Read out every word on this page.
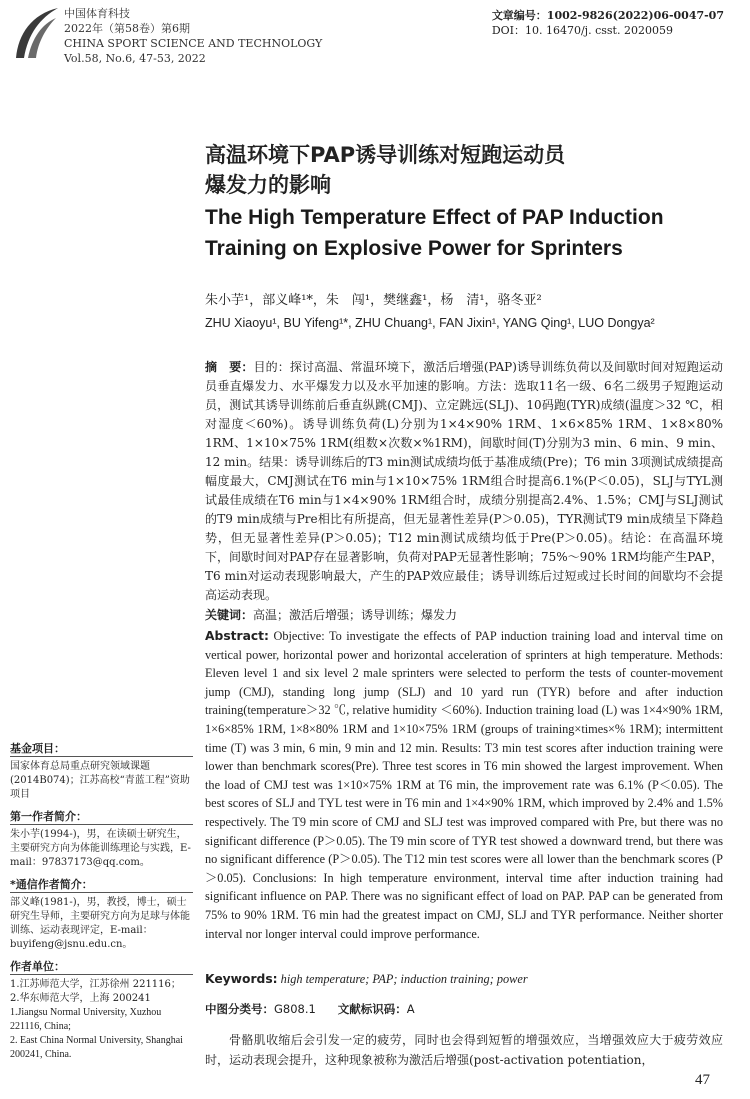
中国体育科技
2022年（第58卷）第6期
CHINA SPORT SCIENCE AND TECHNOLOGY
Vol.58, No.6, 47-53, 2022
文章编号：1002-9826(2022)06-0047-07
DOI：10. 16470/j. csst. 2020059
高温环境下PAP诱导训练对短跑运动员
爆发力的影响
The High Temperature Effect of PAP Induction
Training on Explosive Power for Sprinters
朱小芋¹，部义峰¹*，朱　闯¹，樊继鑫¹，杨　清¹，骆冬亚²
ZHU Xiaoyu¹, BU Yifeng¹*, ZHU Chuang¹, FAN Jixin¹, YANG Qing¹, LUO Dongya²
摘　要：目的：探讨高温、常温环境下，激活后增强(PAP)诱导训练负荷以及间歇时间对短跑运动员垂直爆发力、水平爆发力以及水平加速的影响。方法：选取11名一级、6名二级男子短跑运动员，测试其诱导训练前后垂直纵跳(CMJ)、立定跳远(SLJ)、10码跑(TYR)成绩(温度＞32 ℃，相对湿度＜60%)。诱导训练负荷(L)分别为1×4×90% 1RM、1×6×85% 1RM、1×8×80% 1RM、1×10×75% 1RM(组数×次数×%1RM)，间歇时间(T)分别为3 min、6 min、9 min、12 min。结果：诱导训练后的T3 min测试成绩均低于基准成绩(Pre)；T6 min 3项测试成绩提高幅度最大，CMJ测试在T6 min与1×10×75% 1RM组合时提高6.1%(P＜0.05)，SLJ与TYL测试最佳成绩在T6 min与1×4×90% 1RM组合时，成绩分别提高2.4%、1.5%；CMJ与SLJ测试的T9 min成绩与Pre相比有所提高，但无显著性差异(P＞0.05)，TYR测试T9 min成绩呈下降趋势，但无显著性差异(P＞0.05)；T12 min测试成绩均低于Pre(P＞0.05)。结论：在高温环境下，间歇时间对PAP存在显著影响，负荷对PAP无显著性影响；75%～90% 1RM均能产生PAP，T6 min对运动表现影响最大，产生的PAP效应最佳；诱导训练后过短或过长时间的间歇均不会提高运动表现。
关键词：高温；激活后增强；诱导训练；爆发力
Abstract: Objective: To investigate the effects of PAP induction training load and interval time on vertical power, horizontal power and horizontal acceleration of sprinters at high temperature. Methods: Eleven level 1 and six level 2 male sprinters were selected to perform the tests of counter-movement jump (CMJ), standing long jump (SLJ) and 10 yard run (TYR) before and after induction training(temperature＞32 ℃, relative humidity ＜60%). Induction training load (L) was 1×4×90% 1RM, 1×6×85% 1RM, 1×8×80% 1RM and 1×10×75% 1RM (groups of training×times×% 1RM); intermittent time (T) was 3 min, 6 min, 9 min and 12 min. Results: T3 min test scores after induction training were lower than benchmark scores(Pre). Three test scores in T6 min showed the largest improvement. When the load of CMJ test was 1×10×75% 1RM at T6 min, the improvement rate was 6.1% (P＜0.05). The best scores of SLJ and TYL test were in T6 min and 1×4×90% 1RM, which improved by 2.4% and 1.5% respectively. The T9 min score of CMJ and SLJ test was improved compared with Pre, but there was no significant difference (P＞0.05). The T9 min score of TYR test showed a downward trend, but there was no significant difference (P＞0.05). The T12 min test scores were all lower than the benchmark scores (P＞0.05). Conclusions: In high temperature environment, interval time after induction training had significant influence on PAP. There was no significant effect of load on PAP. PAP can be generated from 75% to 90% 1RM. T6 min had the greatest impact on CMJ, SLJ and TYR performance. Neither shorter interval nor longer interval could improve performance.
Keywords: high temperature; PAP; induction training; power
中图分类号：G808.1 文献标识码：A
基金项目：
国家体育总局重点研究领域课题(2014B074)；江苏高校“青蓝工程”资助项目
第一作者简介：
朱小芋(1994-)，男，在读硕士研究生，主要研究方向为体能训练理论与实践，E-mail：97837173@qq.com。
*通信作者简介：
部义峰(1981-)，男，教授，博士，硕士研究生导师，主要研究方向为足球与体能训练、运动表现评定，E-mail：buyifeng@jsnu.edu.cn。
作者单位：
1.江苏师范大学，江苏徐州 221116；
2.华东师范大学，上海 200241
1.Jiangsu Normal University, Xuzhou 221116, China;
2. East China Normal University, Shanghai 200241, China.
骨骼肌收缩后会引发一定的疲劳，同时也会得到短暂的增强效应，当增强效应大于疲劳效应时，运动表现会提升，这种现象被称为激活后增强(post-activation potentiation，
47
